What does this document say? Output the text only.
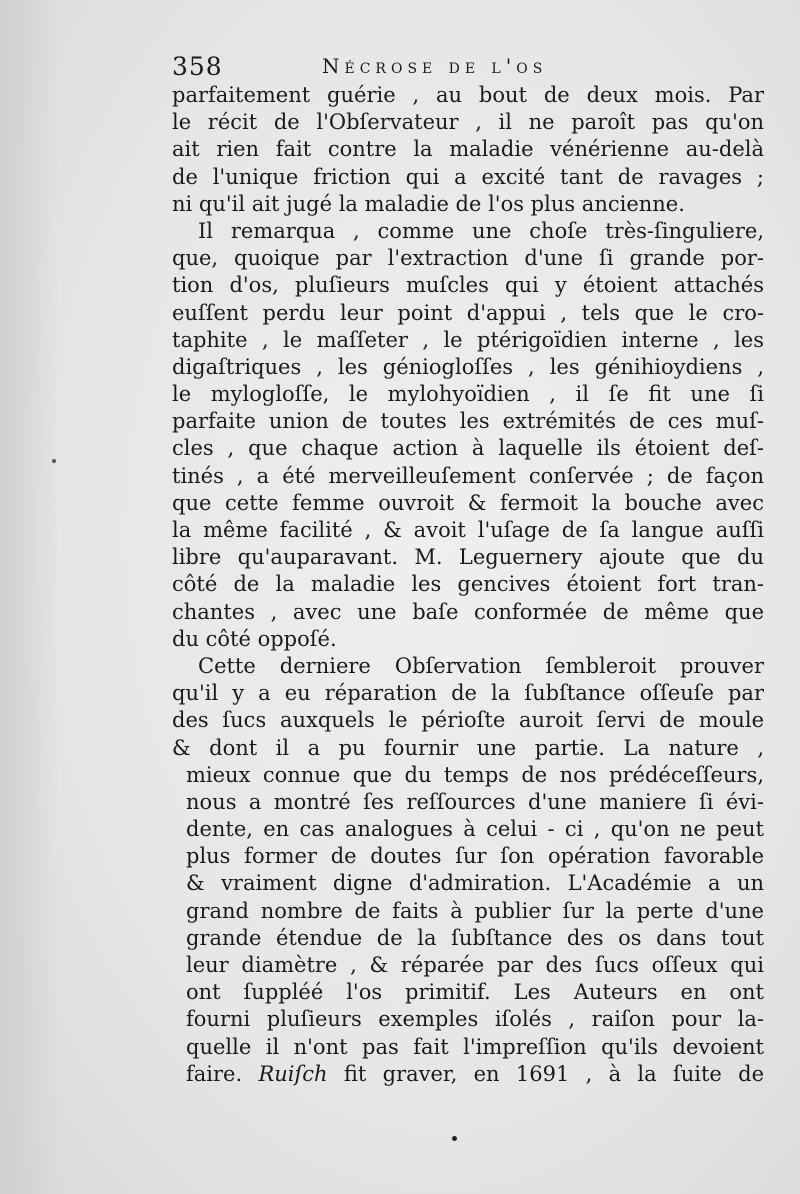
358	Nécrose de l'os
parfaitement guérie , au bout de deux mois. Par
le récit de l'Obſervateur , il ne paroît pas qu'on
ait rien fait contre la maladie vénérienne au-delà
de l'unique friction qui a excité tant de ravages ;
ni qu'il ait jugé la maladie de l'os plus ancienne.
Il remarqua , comme une choſe très-ſinguliere,
que, quoique par l'extraction d'une ſi grande por-
tion d'os, pluſieurs muſcles qui y étoient attachés
euſſent perdu leur point d'appui , tels que le cro-
taphite , le maſſeter , le ptérigoïdien interne , les
digaſtriques , les génioglоſſes , les génihioydiens ,
le myloglоſſe, le mylohyoïdien , il ſe fit une ſi
parfaite union de toutes les extrémités de ces muſ-
cles , que chaque action à laquelle ils étoient deſ-
tinés , a été merveilleuſement conſervée ; de façon
que cette femme ouvroit & fermoit la bouche avec
la même facilité , & avoit l'uſage de ſa langue auſſi
libre qu'auparavant. M. Leguernery ajoute que du
côté de la maladie les gencives étoient fort tran-
chantes , avec une baſe conformée de même que
du côté oppoſé.
Cette derniere Obſervation ſembleroit prouver
qu'il y a eu réparation de la ſubſtance oſſeuſe par
des ſucs auxquels le périoſte auroit ſervi de moule
& dont il a pu fournir une partie. La nature ,
mieux connue que du temps de nos prédéceſſeurs,
nous a montré ſes reſſources d'une maniere ſi évi-
dente, en cas analogues à celui - ci , qu'on ne peut
plus former de doutes ſur ſon opération favorable
& vraiment digne d'admiration. L'Académie a un
grand nombre de faits à publier ſur la perte d'une
grande étendue de la ſubſtance des os dans tout
leur diamètre , & réparée par des ſucs oſſeux qui
ont ſuppléé l'os primitif. Les Auteurs en ont
fourni pluſieurs exemples iſolés , raiſon pour la-
quelle il n'ont pas fait l'impreſſion qu'ils devoient
faire. Ruiſch fit graver, en 1691 , à la ſuite de
